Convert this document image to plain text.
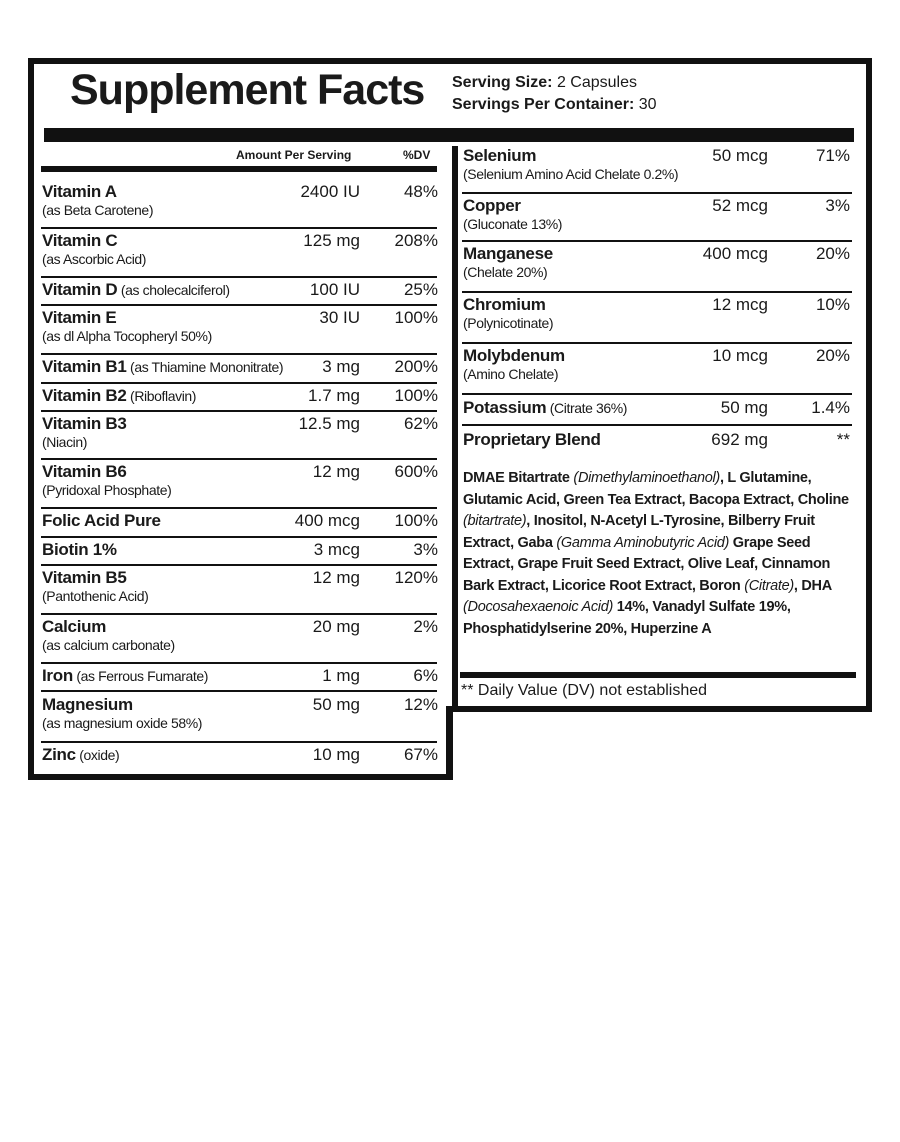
Supplement Facts Serving Size: 2 Capsules
Servings Per Container: 30
Amount Per Serving	%DV
Vitamin A
(as Beta Carotene)
2400 IU	48%
Vitamin C
(as Ascorbic Acid)
125 mg 208%
Vitamin D (as cholecalciferol)	100 IU	25%
Vitamin E
(as dl Alpha Tocopheryl 50%)
30 IU 100%
Vitamin B1 (as Thiamine Mononitrate) 3 mg 200%
Vitamin B2 (Riboflavin)	1.7 mg 100%
Vitamin B3
(Niacin)
12.5 mg	62%
Vitamin B6
(Pyridoxal Phosphate)
12 mg 600%
Folic Acid Pure	400 mcg 100%
Biotin 1%	3 mcg	3%
Vitamin B5
(Pantothenic Acid)
12 mg 120%
Calcium
(as calcium carbonate)
20 mg	2%
Iron (as Ferrous Fumarate)	1 mg	6%
Magnesium
(as magnesium oxide 58%)
50 mg	12%
Zinc (oxide)	10 mg	67%
Selenium
(Selenium Amino Acid Chelate 0.2%)
50 mcg	71%
Copper
(Gluconate 13%)
52 mcg	3%
Manganese
(Chelate 20%)
400 mcg	20%
Chromium
(Polynicotinate)
12 mcg	10%
Molybdenum
(Amino Chelate)
10 mcg	20%
Potassium (Citrate 36%)	50 mg	1.4%
Proprietary Blend	692 mg	**
DMAE Bitartrate (Dimethylaminoethanol), L Glutamine, Glutamic Acid, Green Tea Extract, Bacopa Extract, Choline (bitartrate), Inositol, N-Acetyl L-Tyrosine, Bilberry Fruit Extract, Gaba (Gamma Aminobutyric Acid) Grape Seed Extract, Grape Fruit Seed Extract, Olive Leaf, Cinnamon Bark Extract, Licorice Root Extract, Boron (Citrate), DHA (Docosahexaenoic Acid) 14%, Vanadyl Sulfate 19%, Phosphatidylserine 20%, Huperzine A
** Daily Value (DV) not established
